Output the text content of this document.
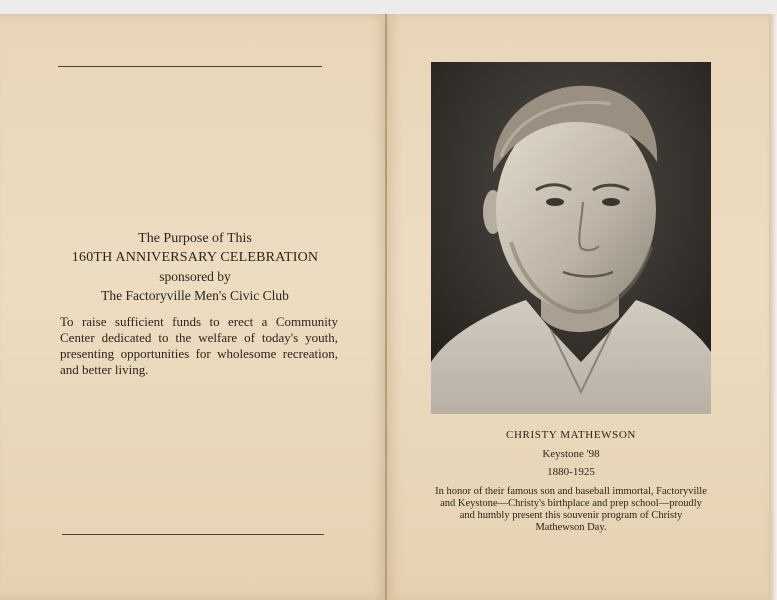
The Purpose of This
160TH ANNIVERSARY CELEBRATION
sponsored by
The Factoryville Men's Civic Club
To raise sufficient funds to erect a Community Center dedicated to the welfare of today's youth, presenting opportunities for wholesome recreation, and better living.
CHRISTY MATHEWSON
Keystone '98
1880-1925
In honor of their famous son and baseball immortal, Factoryville and Keystone—Christy's birthplace and prep school—proudly and humbly present this souvenir program of Christy Mathewson Day.
